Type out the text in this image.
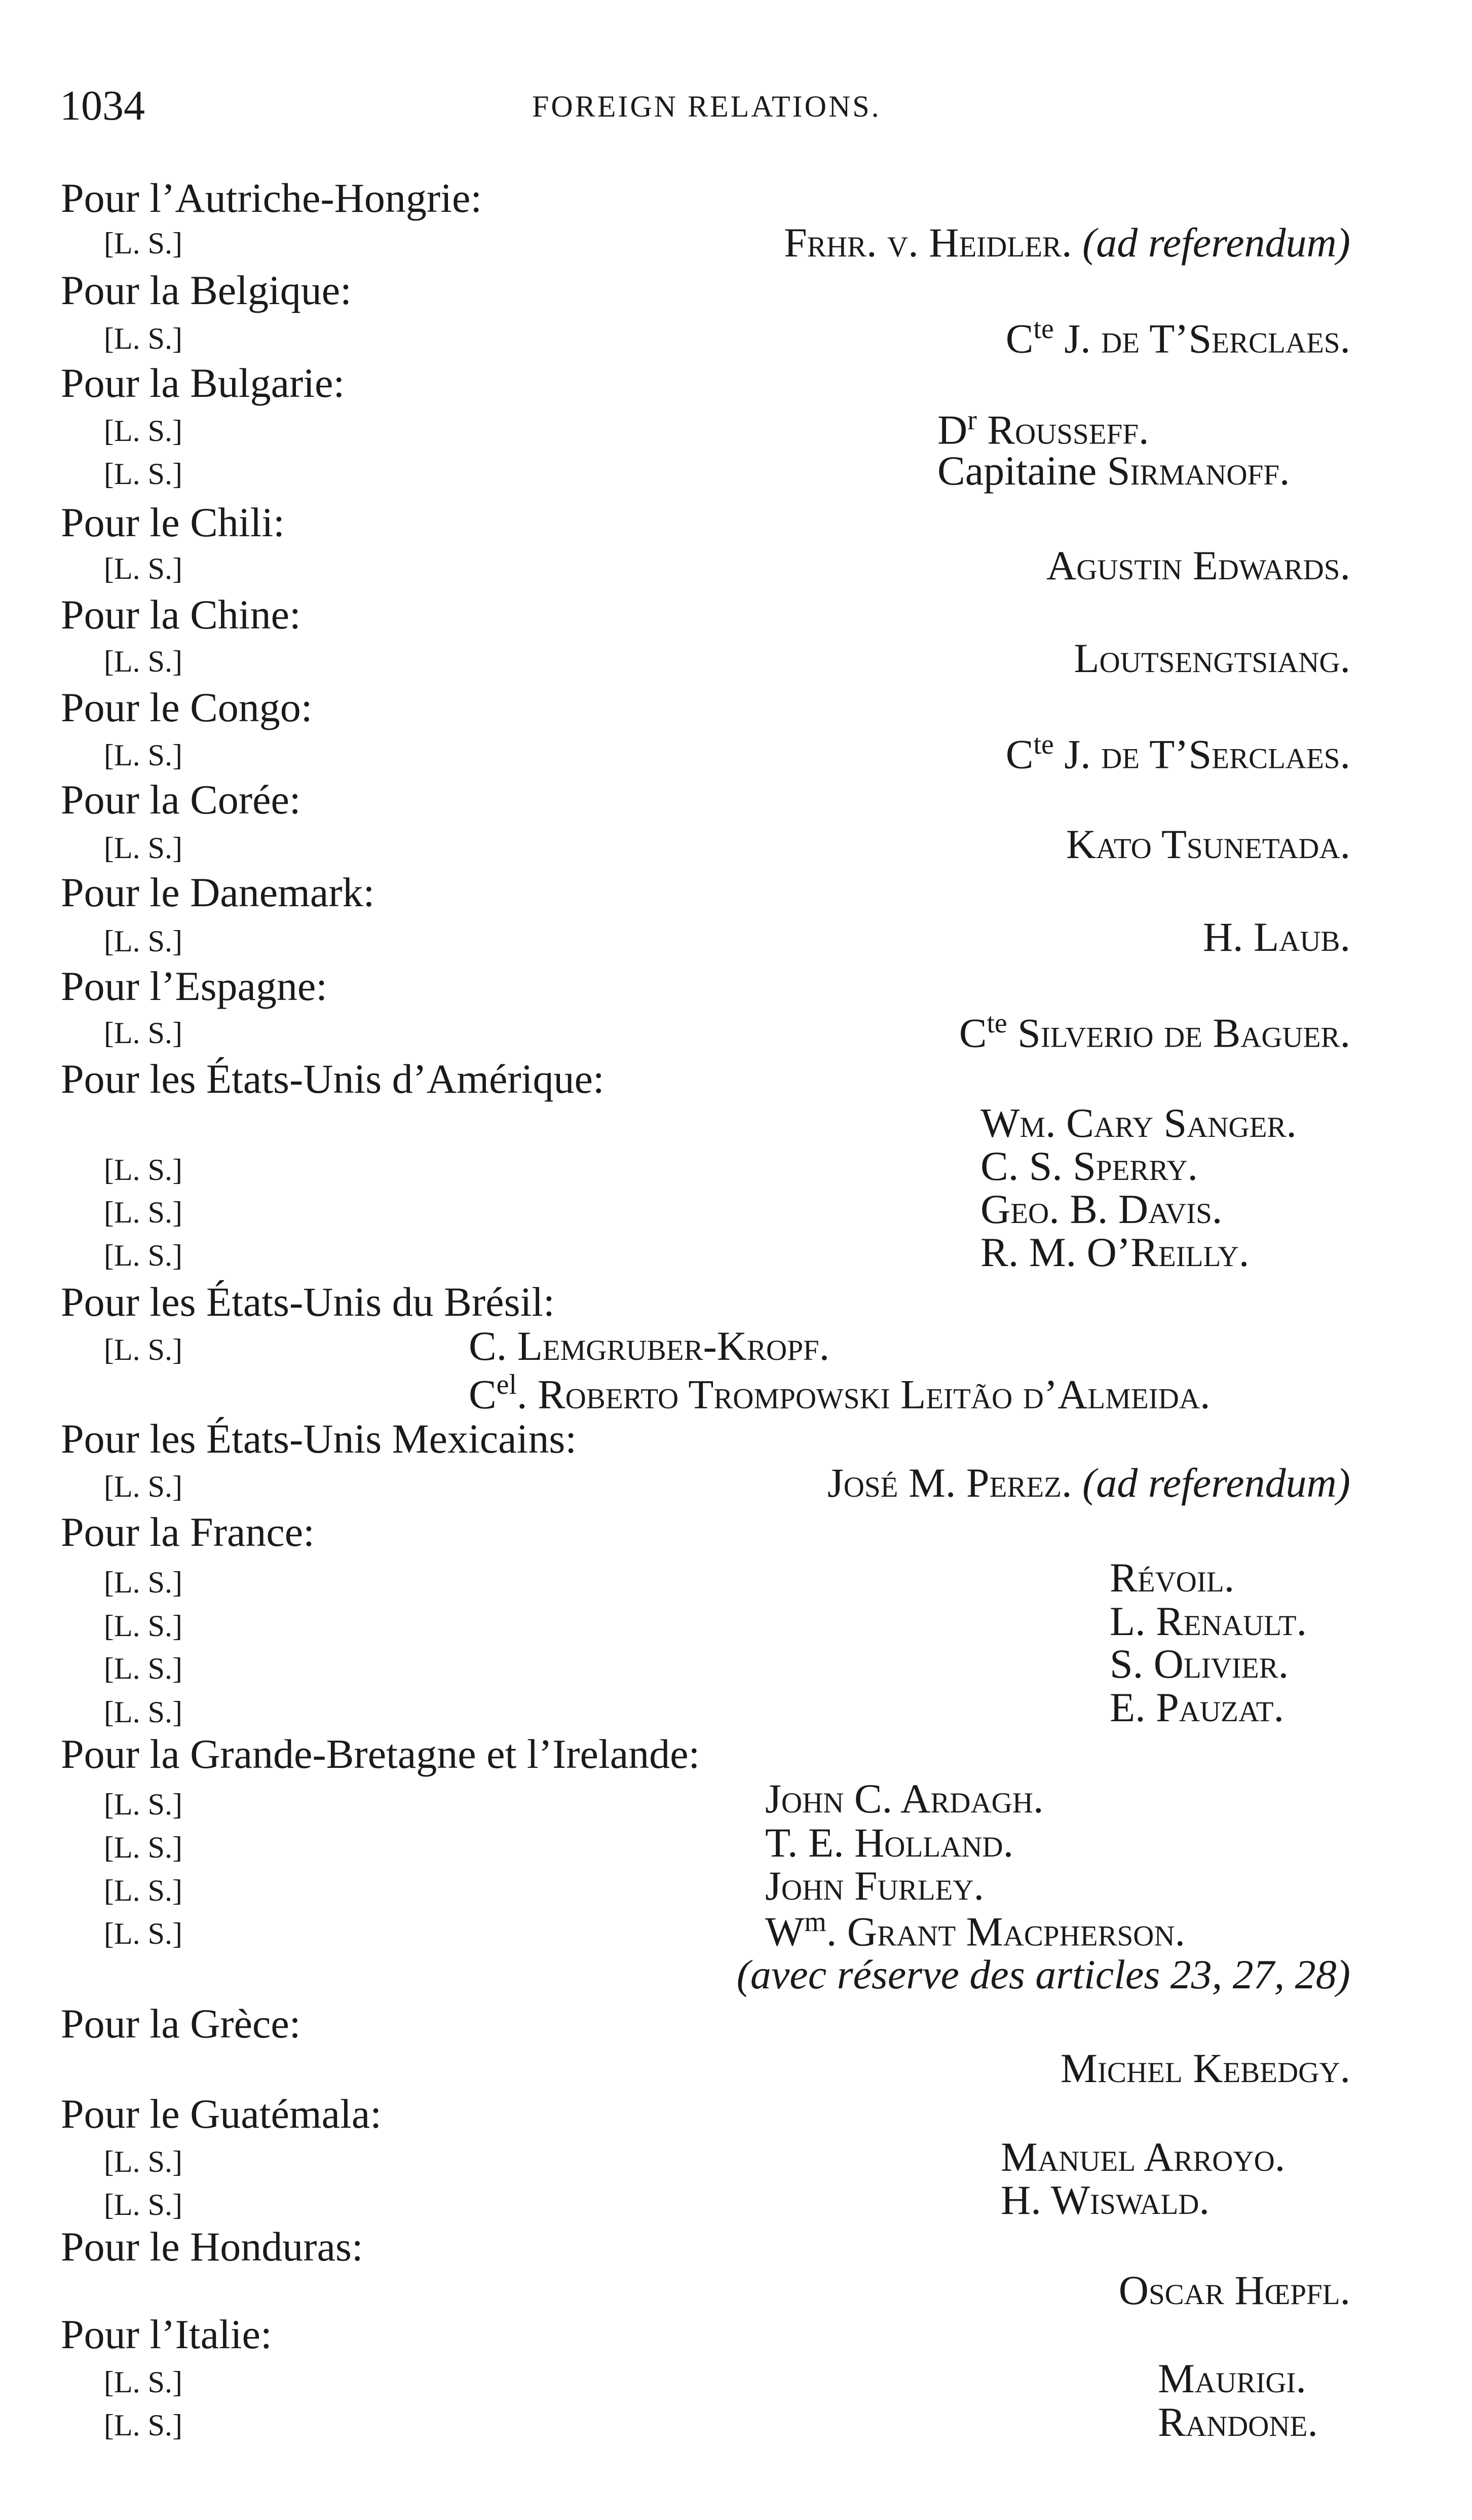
1034	FOREIGN RELATIONS.
Pour l’Autriche-Hongrie:
[L. S.]	Frhr. v. Heidler. (ad referendum)
Pour la Belgique:
[L. S.]	$C^{te}$ J. de T’Serclaes.
Pour la Bulgarie:
[L. S.]	$D^r$ Rousseff.
[L. S.]	Capitaine Sirmanoff.
Pour le Chili:
[L. S.]	Agustin Edwards.
Pour la Chine:
[L. S.]	Loutsengtsiang.
Pour le Congo:
[L. S.]	$C^{te}$ J. de T’Serclaes.
Pour la Corée:
[L. S.]	Kato Tsunetada.
Pour le Danemark:
[L. S.]	H. Laub.
Pour l’Espagne:
[L. S.]	$C^{te}$ Silverio de Baguer.
Pour les États-Unis d’Amérique:
Wm. Cary Sanger.
[L. S.]	C. S. Sperry.
[L. S.]	Geo. B. Davis.
[L. S.]	R. M. O’Reilly.
Pour les États-Unis du Brésil:
[L. S.]	C. Lemgruber-Kropf.
$C^{el}$. Roberto Trompowski Leitão d’Almeida.
Pour les États-Unis Mexicains:
[L. S.]	José M. Perez. (ad referendum)
Pour la France:
[L. S.]	Révoil.
[L. S.]	L. Renault.
[L. S.]	S. Olivier.
[L. S.]	E. Pauzat.
Pour la Grande-Bretagne et l’Irelande:
[L. S.]	John C. Ardagh.
[L. S.]	T. E. Holland.
[L. S.]	John Furley.
[L. S.]	$W^m$. Grant Macpherson.
(avec réserve des articles 23, 27, 28)
Pour la Grèce:
Michel Kebedgy.
Pour le Guatémala:
[L. S.]	Manuel Arroyo.
[L. S.]	H. Wiswald.
Pour le Honduras:
Oscar Hœpfl.
Pour l’Italie:
[L. S.]	Maurigi.
[L. S.]	Randone.
